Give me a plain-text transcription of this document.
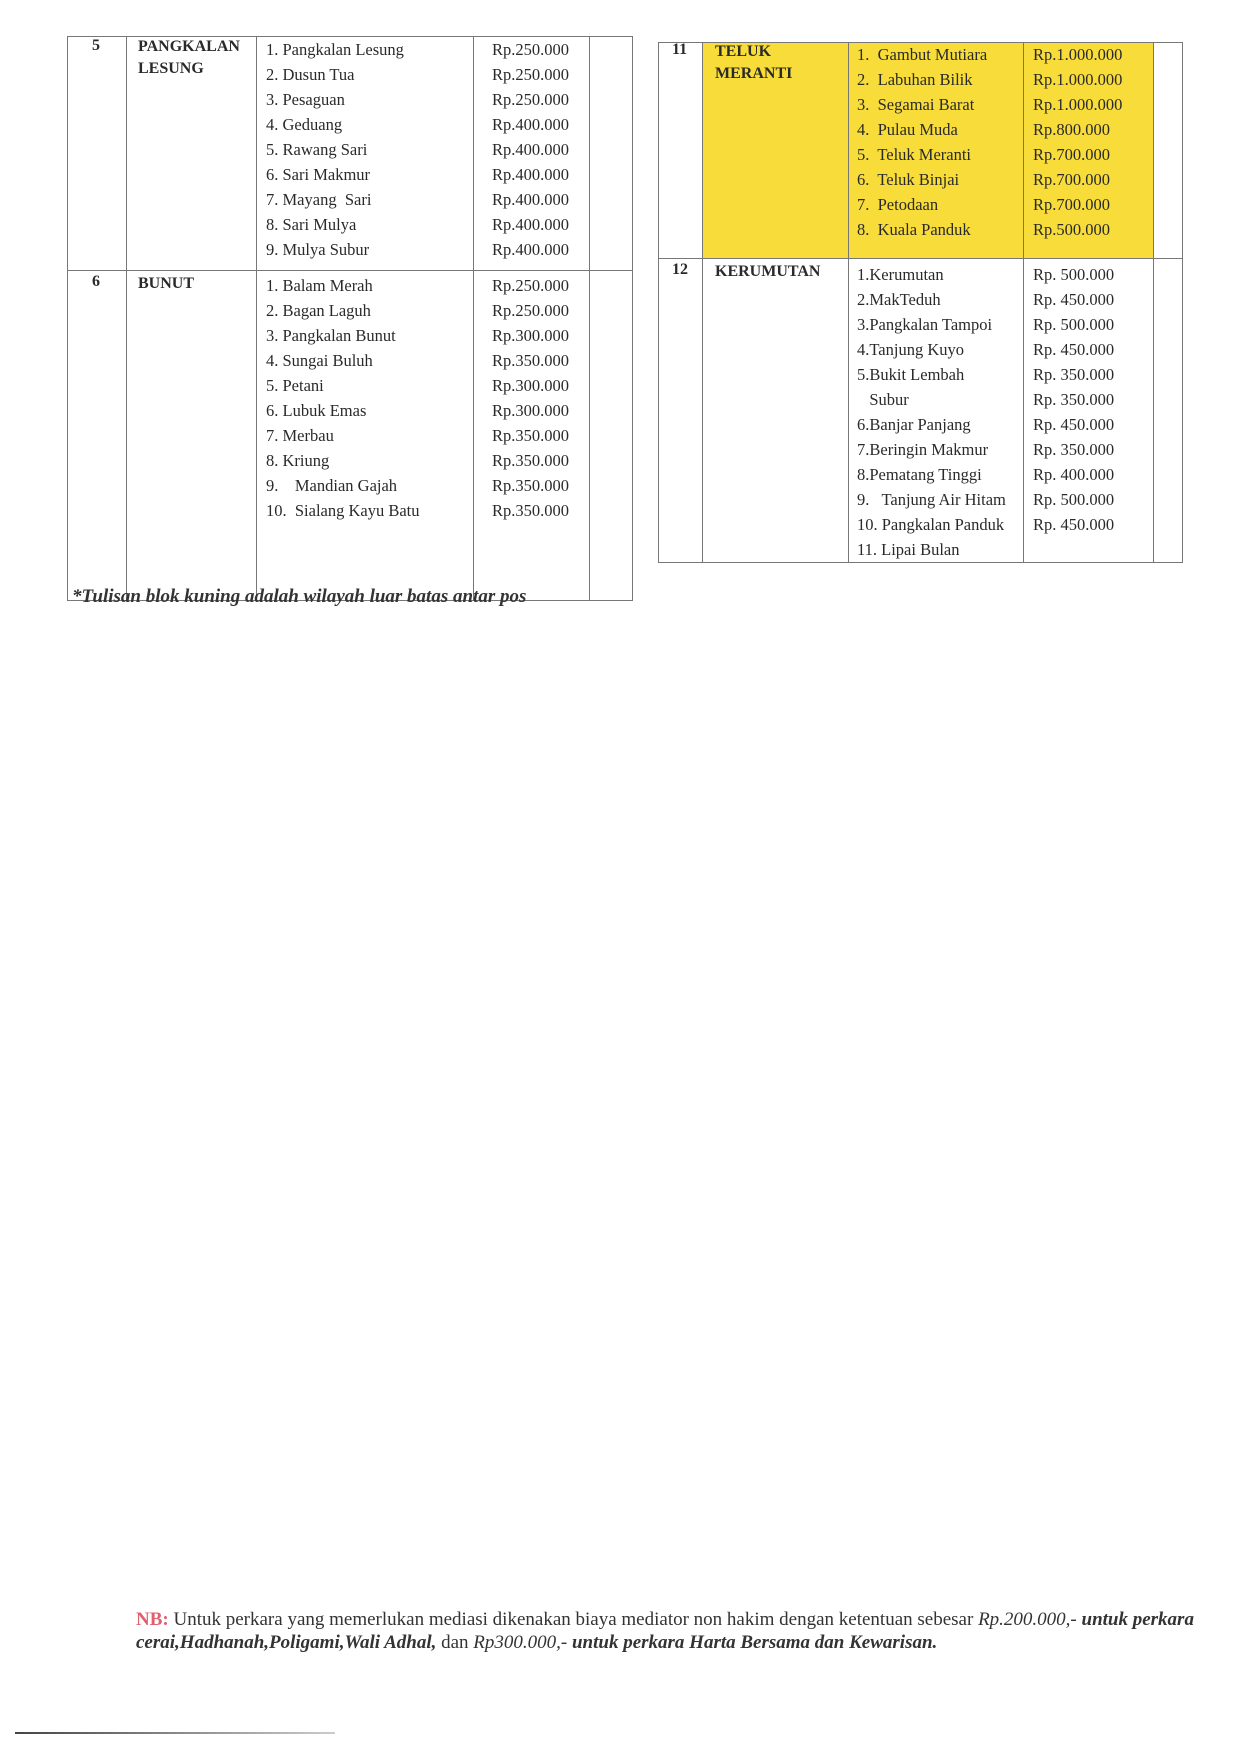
5 PANGKALAN LESUNG
1. Pangkalan Lesung
2. Dusun Tua
3. Pesaguan
4. Geduang
5. Rawang Sari
6. Sari Makmur
7. Mayang  Sari
8. Sari Mulya
9. Mulya Subur
Rp.250.000
Rp.250.000
Rp.250.000
Rp.400.000
Rp.400.000
Rp.400.000
Rp.400.000
Rp.400.000
Rp.400.000
6 BUNUT	1. Balam Merah
2. Bagan Laguh
3. Pangkalan Bunut
4. Sungai Buluh
5. Petani
6. Lubuk Emas
7. Merbau
8. Kriung
9.    Mandian Gajah
10.  Sialang Kayu Batu
Rp.250.000
Rp.250.000
Rp.300.000
Rp.350.000
Rp.300.000
Rp.300.000
Rp.350.000
Rp.350.000
Rp.350.000
Rp.350.000
11 TELUK MERANTI
1.  Gambut Mutiara
2.  Labuhan Bilik
3.  Segamai Barat
4.  Pulau Muda
5.  Teluk Meranti
6.  Teluk Binjai
7.  Petodaan
8.  Kuala Panduk
Rp.1.000.000
Rp.1.000.000
Rp.1.000.000
Rp.800.000
Rp.700.000
Rp.700.000
Rp.700.000
Rp.500.000
12 KERUMUTAN	1.Kerumutan
2.MakTeduh
3.Pangkalan Tampoi
4.Tanjung Kuyo
5.Bukit Lembah
Subur
6.Banjar Panjang
7.Beringin Makmur
8.Pematang Tinggi
9.   Tanjung Air Hitam
10. Pangkalan Panduk
11. Lipai Bulan
Rp. 500.000
Rp. 450.000
Rp. 500.000
Rp. 450.000
Rp. 350.000
Rp. 350.000
Rp. 450.000
Rp. 350.000
Rp. 400.000
Rp. 500.000
Rp. 450.000
*Tulisan blok kuning adalah wilayah luar batas antar pos
NB: Untuk perkara yang memerlukan mediasi dikenakan biaya mediator non hakim dengan ketentuan sebesar Rp.200.000,- untuk perkara cerai,Hadhanah,Poligami,Wali Adhal, dan Rp300.000,- untuk perkara Harta Bersama dan Kewarisan.
